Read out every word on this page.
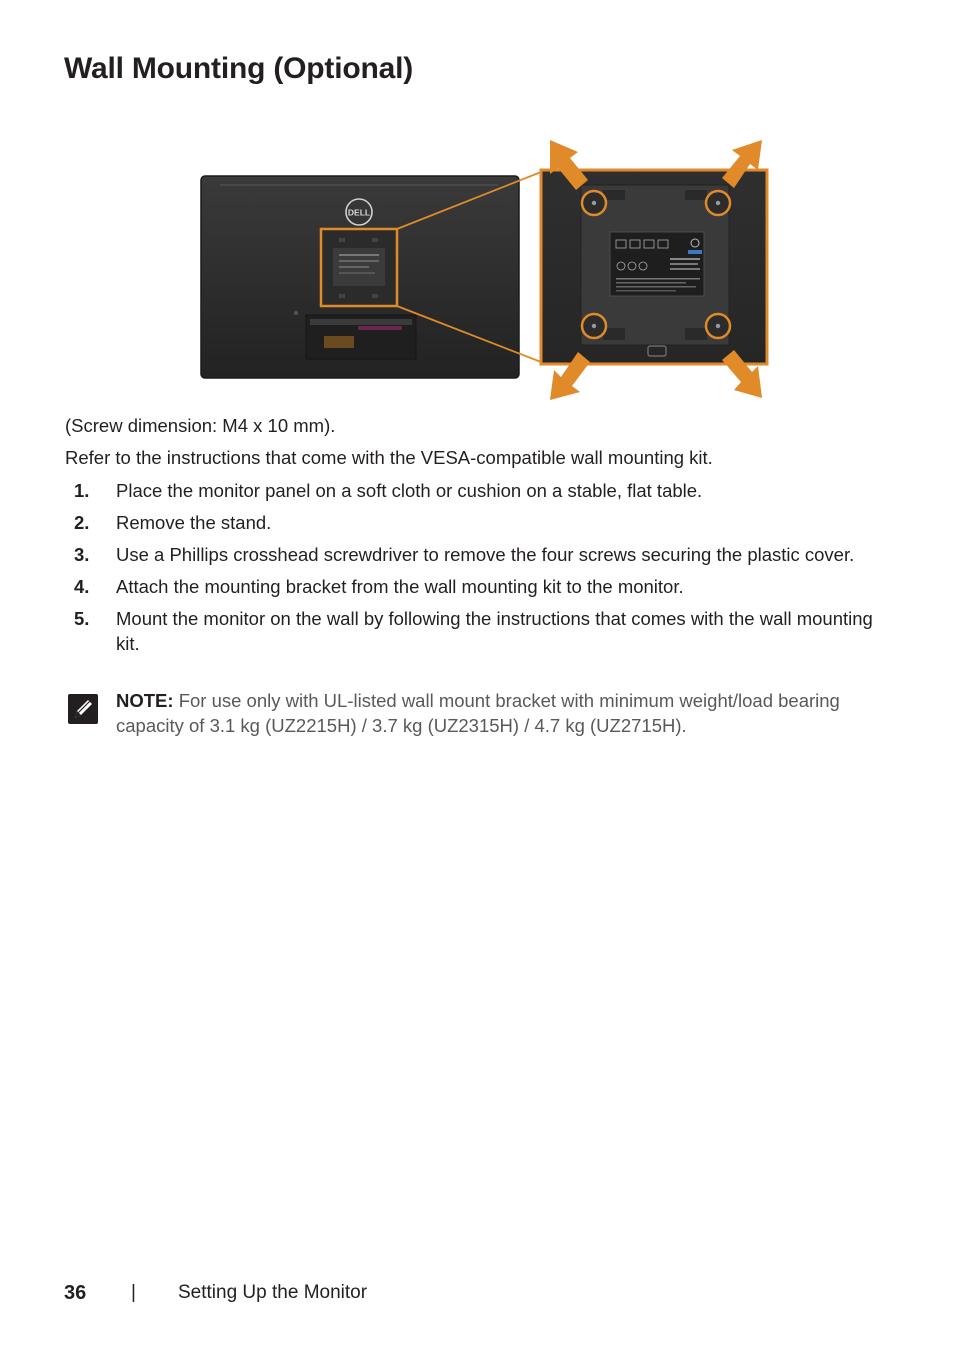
Wall Mounting (Optional)
DELL

(Screw dimension: M4 x 10 mm).

Refer to the instructions that come with the VESA-compatible wall mounting kit.

1. Place the monitor panel on a soft cloth or cushion on a stable, flat table.
2. Remove the stand.
3. Use a Phillips crosshead screwdriver to remove the four screws securing the plastic cover.
4. Attach the mounting bracket from the wall mounting kit to the monitor.
5. Mount the monitor on the wall by following the instructions that comes with the wall mounting kit.
NOTE: For use only with UL-listed wall mount bracket with minimum weight/load bearing capacity of 3.1 kg (UZ2215H) / 3.7 kg (UZ2315H) / 4.7 kg (UZ2715H).
36 | Setting Up the Monitor
